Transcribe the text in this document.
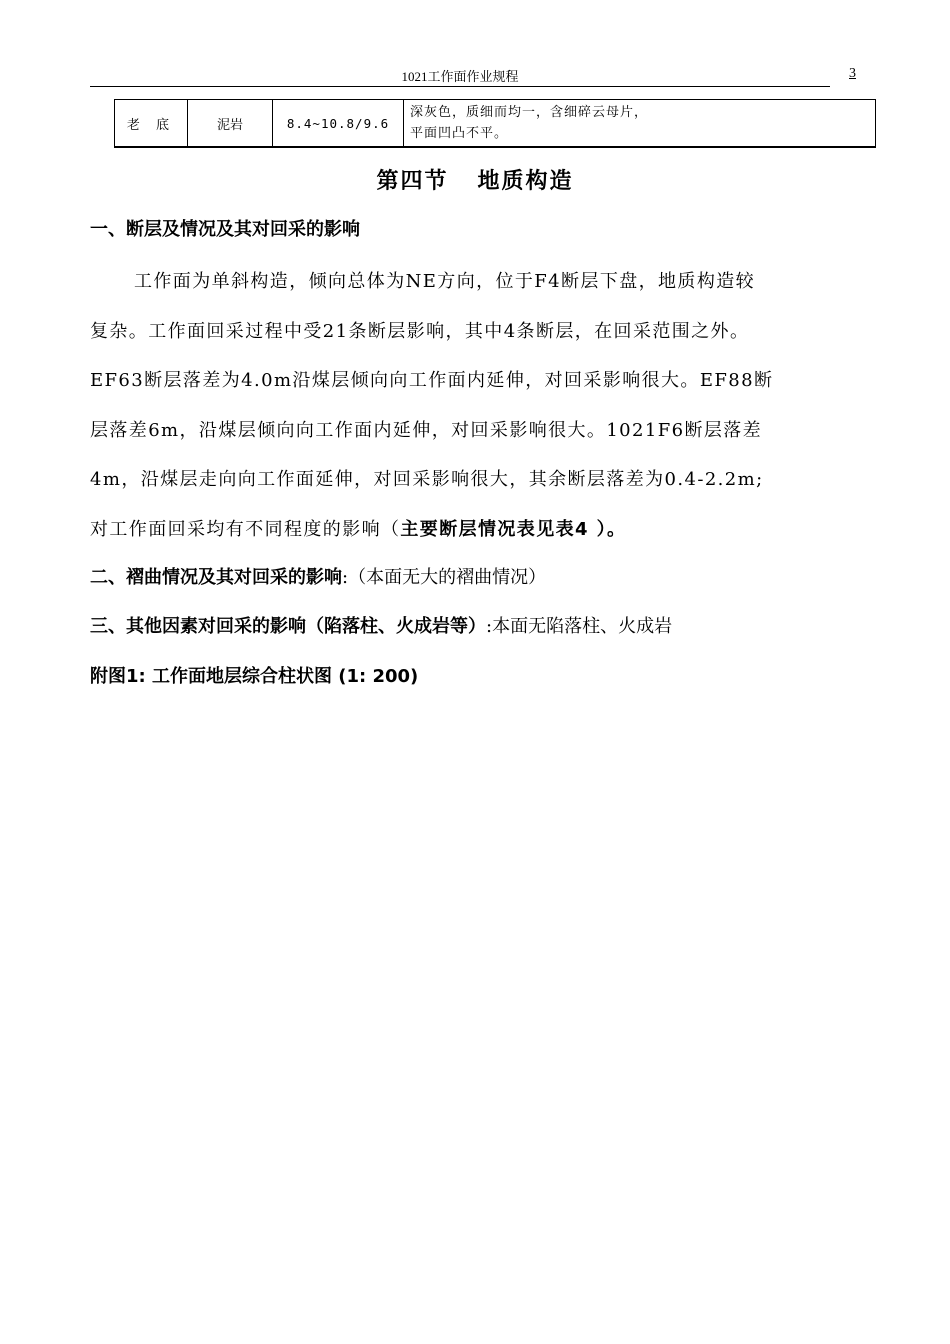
1021工作面作业规程	3
老 底	泥岩	8.4~10.8/9.6	
深灰色，质细而均一，含细碎云母片，
平面凹凸不平。
第四节   地质构造
一、断层及情况及其对回采的影响
工作面为单斜构造，倾向总体为NE方向，位于F4断层下盘，地质构造较
复杂。工作面回采过程中受21条断层影响，其中4条断层，在回采范围之外。
EF63断层落差为4.0m沿煤层倾向向工作面内延伸，对回采影响很大。EF88断
层落差6m，沿煤层倾向向工作面内延伸，对回采影响很大。1021F6断层落差
4m，沿煤层走向向工作面延伸，对回采影响很大，其余断层落差为0.4-2.2m;
对工作面回采均有不同程度的影响（主要断层情况表见表4 ）。
二、褶曲情况及其对回采的影响:（本面无大的褶曲情况）
三、其他因素对回采的影响（陷落柱、火成岩等）:本面无陷落柱、火成岩
附图1: 工作面地层综合柱状图 (1: 200)
